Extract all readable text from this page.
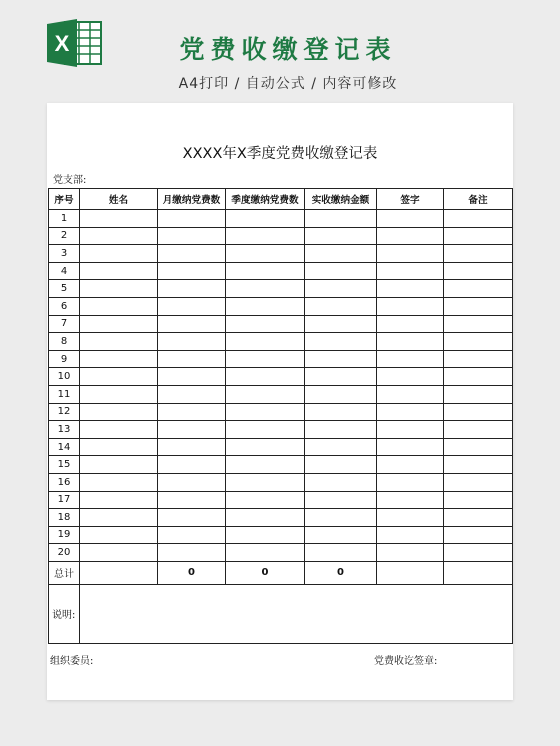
X	党费收缴登记表
A4打印 / 自动公式 / 内容可修改
XXXX年X季度党费收缴登记表
党支部:
序号	姓名	月缴纳党费数	季度缴纳党费数	实收缴纳金额	签字	备注
1						
2						
3						
4						
5						
6						
7						
8						
9						
10						
11						
12						
13						
14						
15						
16						
17						
18						
19						
20						
总计		0	0	0		
说明:						
组织委员:	党费收讫签章:
